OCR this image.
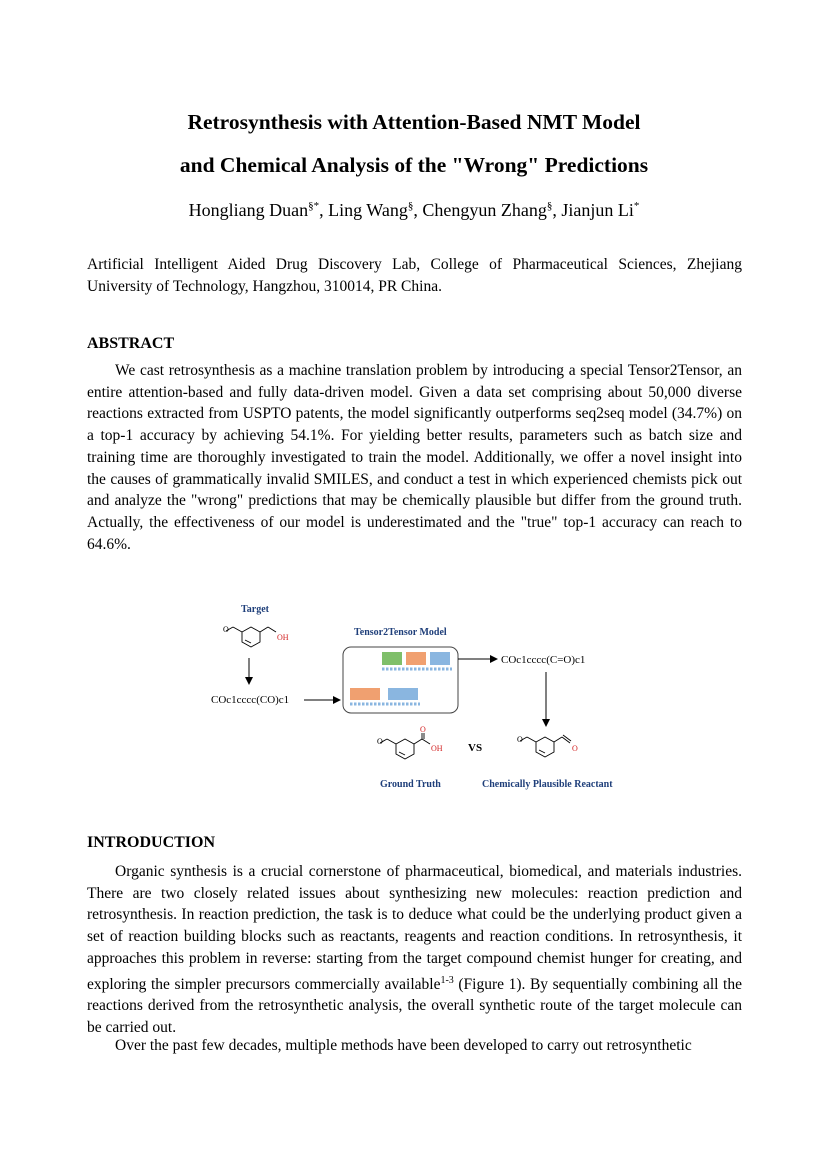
Retrosynthesis with Attention-Based NMT Model
and Chemical Analysis of the "Wrong" Predictions
Hongliang Duan§*, Ling Wang§, Chengyun Zhang§, Jianjun Li*
Artificial Intelligent Aided Drug Discovery Lab, College of Pharmaceutical Sciences, Zhejiang University of Technology, Hangzhou, 310014, PR China.
ABSTRACT
We cast retrosynthesis as a machine translation problem by introducing a special Tensor2Tensor, an entire attention-based and fully data-driven model. Given a data set comprising about 50,000 diverse reactions extracted from USPTO patents, the model significantly outperforms seq2seq model (34.7%) on a top-1 accuracy by achieving 54.1%. For yielding better results, parameters such as batch size and training time are thoroughly investigated to train the model. Additionally, we offer a novel insight into the causes of grammatically invalid SMILES, and conduct a test in which experienced chemists pick out and analyze the "wrong" predictions that may be chemically plausible but differ from the ground truth. Actually, the effectiveness of our model is underestimated and the "true" top-1 accuracy can reach to 64.6%.
Target
O
OH
COc1cccc(CO)c1
Tensor2Tensor Model
COc1cccc(C=O)c1
O
O
OH VS
O
O
Ground Truth	Chemically Plausible Reactant
INTRODUCTION
Organic synthesis is a crucial cornerstone of pharmaceutical, biomedical, and materials industries. There are two closely related issues about synthesizing new molecules: reaction prediction and retrosynthesis. In reaction prediction, the task is to deduce what could be the underlying product given a set of reaction building blocks such as reactants, reagents and reaction conditions. In retrosynthesis, it approaches this problem in reverse: starting from the target compound chemist hunger for creating, and exploring the simpler precursors commercially available$^{1-3}$ (Figure 1). By sequentially combining all the reactions derived from the retrosynthetic analysis, the overall synthetic route of the target molecule can be carried out.
Over the past few decades, multiple methods have been developed to carry out retrosynthetic
